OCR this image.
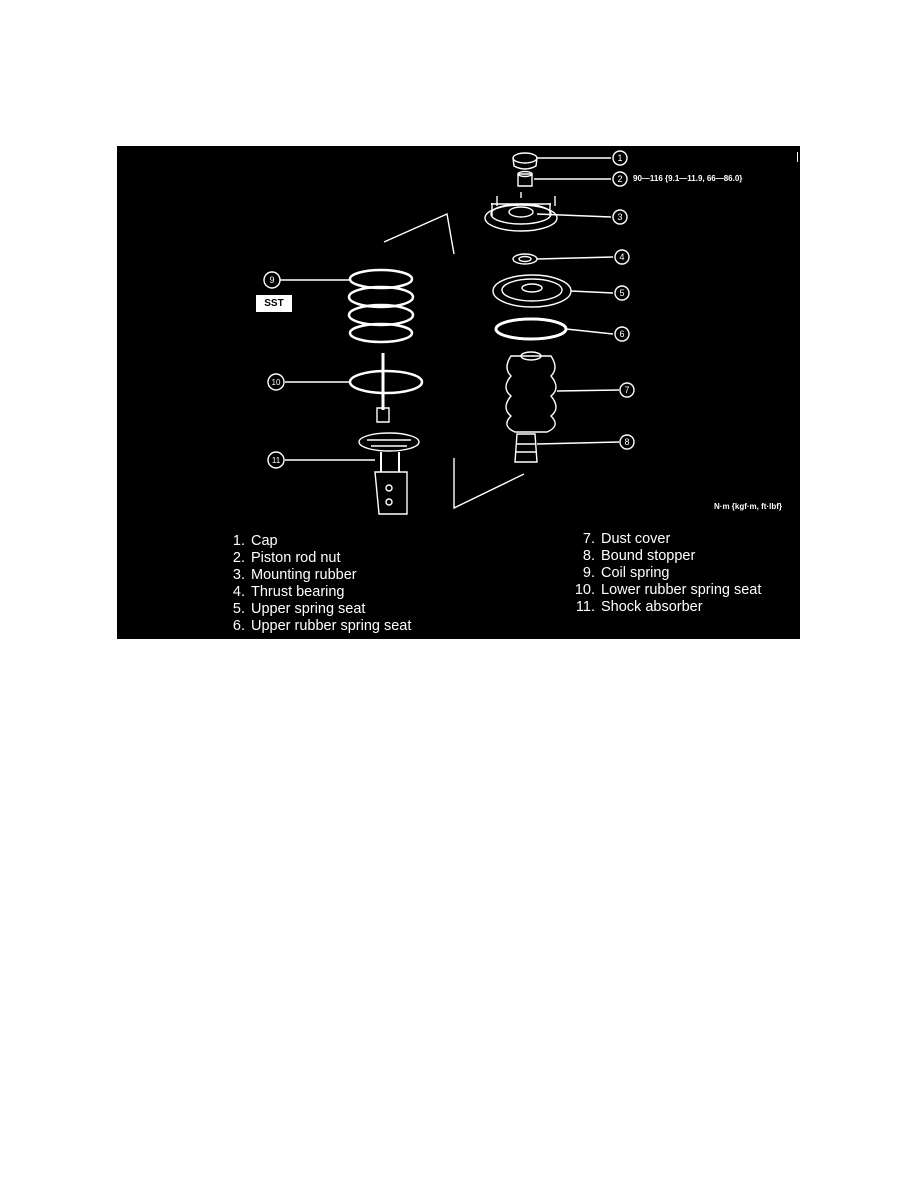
1
2
3
4
5
6
7
8
9
10
11
SST
90—116 {9.1—11.9, 66—86.0}
N·m {kgf·m, ft·lbf}
1. Cap
2. Piston rod nut
3. Mounting rubber
4. Thrust bearing
5. Upper spring seat
6. Upper rubber spring seat
7. Dust cover
8. Bound stopper
9. Coil spring
10. Lower rubber spring seat
11. Shock absorber
